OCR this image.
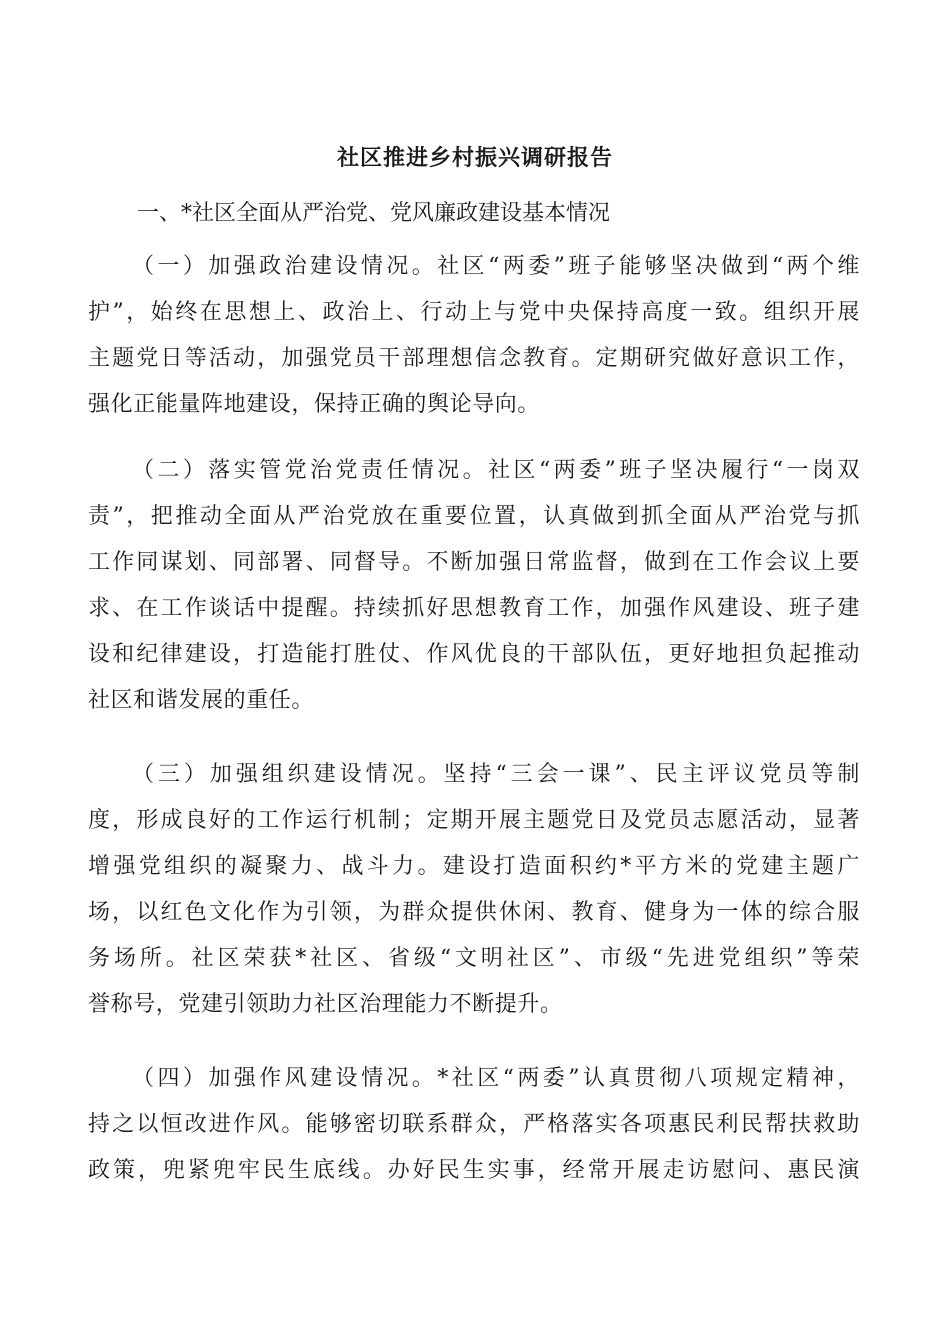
社区推进乡村振兴调研报告

一、*社区全面从严治党、党风廉政建设基本情况

（一）加强政治建设情况。社区“两委”班子能够坚决做到“两个维
护”，始终在思想上、政治上、行动上与党中央保持高度一致。组织开展
主题党日等活动，加强党员干部理想信念教育。定期研究做好意识工作，
强化正能量阵地建设，保持正确的舆论导向。
（二）落实管党治党责任情况。社区“两委”班子坚决履行“一岗双
责”，把推动全面从严治党放在重要位置，认真做到抓全面从严治党与抓
工作同谋划、同部署、同督导。不断加强日常监督，做到在工作会议上要
求、在工作谈话中提醒。持续抓好思想教育工作，加强作风建设、班子建
设和纪律建设，打造能打胜仗、作风优良的干部队伍，更好地担负起推动
社区和谐发展的重任。
（三）加强组织建设情况。坚持“三会一课”、民主评议党员等制
度，形成良好的工作运行机制；定期开展主题党日及党员志愿活动，显著
增强党组织的凝聚力、战斗力。建设打造面积约*平方米的党建主题广
场，以红色文化作为引领，为群众提供休闲、教育、健身为一体的综合服
务场所。社区荣获*社区、省级“文明社区”、市级“先进党组织”等荣
誉称号，党建引领助力社区治理能力不断提升。
（四）加强作风建设情况。*社区“两委”认真贯彻八项规定精神，
持之以恒改进作风。能够密切联系群众，严格落实各项惠民利民帮扶救助
政策，兜紧兜牢民生底线。办好民生实事，经常开展走访慰问、惠民演
